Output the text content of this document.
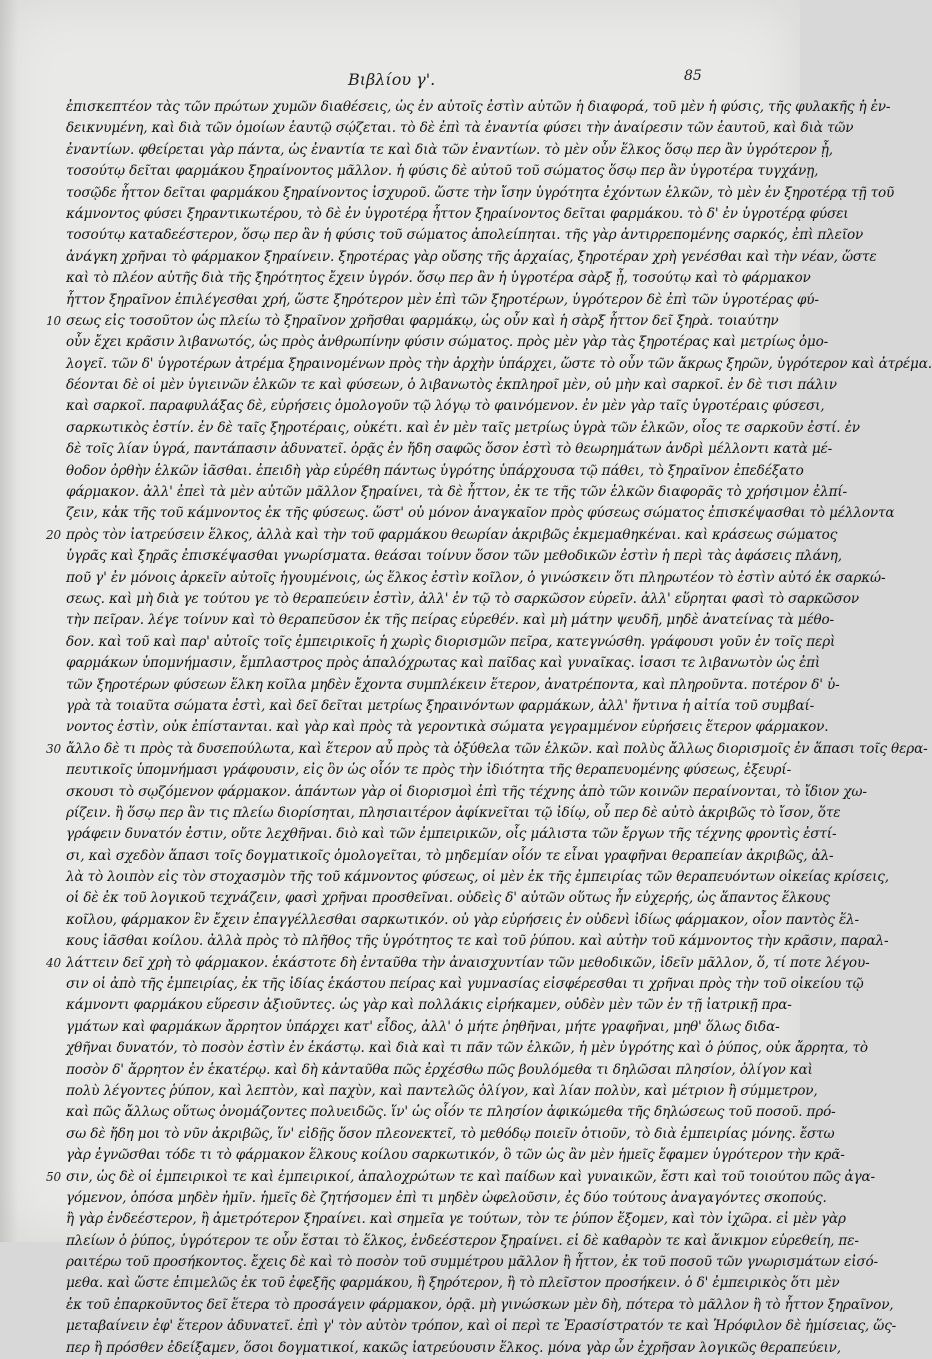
Βιβλίου γ'.	85
ἐπισκεπτέον τὰς τῶν πρώτων χυμῶν διαθέσεις, ὡς ἐν αὐτοῖς ἐστὶν αὐτῶν ἡ διαφορά, τοῦ μὲν ἡ φύσις, τῆς φυλακῆς ἡ ἐν-
δεικνυμένη, καὶ διὰ τῶν ὁμοίων ἑαυτῷ σῴζεται. τὸ δὲ ἐπὶ τὰ ἐναντία φύσει τὴν ἀναίρεσιν τῶν ἑαυτοῦ, καὶ διὰ τῶν
ἐναντίων. φθείρεται γὰρ πάντα, ὡς ἐναντία τε καὶ διὰ τῶν ἐναντίων. τὸ μὲν οὖν ἕλκος ὅσῳ περ ἂν ὑγρότερον ᾖ,
τοσούτῳ δεῖται φαρμάκου ξηραίνοντος μᾶλλον. ἡ φύσις δὲ αὐτοῦ τοῦ σώματος ὅσῳ περ ἂν ὑγροτέρα τυγχάνῃ,
τοσῷδε ἧττον δεῖται φαρμάκου ξηραίνοντος ἰσχυροῦ. ὥστε τὴν ἴσην ὑγρότητα ἐχόντων ἑλκῶν, τὸ μὲν ἐν ξηροτέρᾳ τῇ τοῦ
κάμνοντος φύσει ξηραντικωτέρου, τὸ δὲ ἐν ὑγροτέρᾳ ἧττον ξηραίνοντος δεῖται φαρμάκου. τὸ δ' ἐν ὑγροτέρᾳ φύσει
τοσούτῳ καταδεέστερον, ὅσῳ περ ἂν ἡ φύσις τοῦ σώματος ἀπολείπηται. τῆς γὰρ ἀντιρρεπομένης σαρκός, ἐπὶ πλεῖον
ἀνάγκη χρῆναι τὸ φάρμακον ξηραίνειν. ξηροτέρας γὰρ οὔσης τῆς ἀρχαίας, ξηροτέραν χρὴ γενέσθαι καὶ τὴν νέαν, ὥστε
καὶ τὸ πλέον αὐτῆς διὰ τῆς ξηρότητος ἔχειν ὑγρόν. ὅσῳ περ ἂν ἡ ὑγροτέρα σὰρξ ᾖ, τοσούτῳ καὶ τὸ φάρμακον
ἧττον ξηραῖνον ἐπιλέγεσθαι χρή, ὥστε ξηρότερον μὲν ἐπὶ τῶν ξηροτέρων, ὑγρότερον δὲ ἐπὶ τῶν ὑγροτέρας φύ-
σεως εἰς τοσοῦτον ὡς πλείω τὸ ξηραῖνον χρῆσθαι φαρμάκῳ, ὡς οὖν καὶ ἡ σὰρξ ἧττον δεῖ ξηρὰ. τοιαύτην
10
οὖν ἔχει κρᾶσιν λιβανωτός, ὡς πρὸς ἀνθρωπίνην φύσιν σώματος. πρὸς μὲν γὰρ τὰς ξηροτέρας καὶ μετρίως ὁμο-
λογεῖ. τῶν δ' ὑγροτέρων ἀτρέμα ξηραινομένων πρὸς τὴν ἀρχὴν ὑπάρχει, ὥστε τὸ οὖν τῶν ἄκρως ξηρῶν, ὑγρότερον καὶ ἀτρέμα.
δέονται δὲ οἱ μὲν ὑγιεινῶν ἑλκῶν τε καὶ φύσεων, ὁ λιβανωτὸς ἐκπληροῖ μὲν, οὐ μὴν καὶ σαρκοῖ. ἐν δὲ τισι πάλιν
καὶ σαρκοῖ. παραφυλάξας δὲ, εὑρήσεις ὁμολογοῦν τῷ λόγῳ τὸ φαινόμενον. ἐν μὲν γὰρ ταῖς ὑγροτέραις φύσεσι,
σαρκωτικὸς ἐστίν. ἐν δὲ ταῖς ξηροτέραις, οὐκέτι. καὶ ἐν μὲν ταῖς μετρίως ὑγρὰ τῶν ἑλκῶν, οἷος τε σαρκοῦν ἐστί. ἐν
δὲ τοῖς λίαν ὑγρά, παντάπασιν ἀδυνατεῖ. ὁρᾷς ἐν ἤδη σαφῶς ὅσον ἐστὶ τὸ θεωρημάτων ἀνδρὶ μέλλοντι κατὰ μέ-
θοδον ὀρθὴν ἑλκῶν ἰᾶσθαι. ἐπειδὴ γὰρ εὑρέθη πάντως ὑγρότης ὑπάρχουσα τῷ πάθει, τὸ ξηραῖνον ἐπεδέξατο
φάρμακον. ἀλλ' ἐπεὶ τὰ μὲν αὐτῶν μᾶλλον ξηραίνει, τὰ δὲ ἧττον, ἐκ τε τῆς τῶν ἑλκῶν διαφορᾶς τὸ χρήσιμον ἐλπί-
ζειν, κἀκ τῆς τοῦ κάμνοντος ἐκ τῆς φύσεως. ὥστ' οὐ μόνον ἀναγκαῖον πρὸς φύσεως σώματος ἐπισκέψασθαι τὸ μέλλοντα
πρὸς τὸν ἰατρεύσειν ἕλκος, ἀλλὰ καὶ τὴν τοῦ φαρμάκου θεωρίαν ἀκριβῶς ἐκμεμαθηκέναι. καὶ κράσεως σώματος
20
ὑγρᾶς καὶ ξηρᾶς ἐπισκέψασθαι γνωρίσματα. θεάσαι τοίνυν ὅσον τῶν μεθοδικῶν ἐστὶν ἡ περὶ τὰς ἀφάσεις πλάνη,
ποῦ γ' ἐν μόνοις ἀρκεῖν αὐτοῖς ἡγουμένοις, ὡς ἕλκος ἐστὶν κοῖλον, ὁ γινώσκειν ὅτι πληρωτέον τὸ ἐστὶν αὐτό ἐκ σαρκώ-
σεως. καὶ μὴ διὰ γε τούτου γε τὸ θεραπεύειν ἐστὶν, ἀλλ' ἐν τῷ τὸ σαρκῶσον εὑρεῖν. ἀλλ' εὕρηται φασὶ τὸ σαρκῶσον
τὴν πεῖραν. λέγε τοίνυν καὶ τὸ θεραπεῦσον ἐκ τῆς πείρας εὑρεθέν. καὶ μὴ μάτην ψευδῆ, μηδὲ ἀνατείνας τὰ μέθο-
δον. καὶ τοῦ καὶ παρ' αὐτοῖς τοῖς ἐμπειρικοῖς ἡ χωρὶς διορισμῶν πεῖρα, κατεγνώσθη. γράφουσι γοῦν ἐν τοῖς περὶ
φαρμάκων ὑπομνήμασιν, ἔμπλαστρος πρὸς ἀπαλόχρωτας καὶ παῖδας καὶ γυναῖκας. ἰσασι τε λιβανωτὸν ὡς ἐπὶ
τῶν ξηροτέρων φύσεων ἕλκη κοῖλα μηδὲν ἔχοντα συμπλέκειν ἕτερον, ἀνατρέποντα, καὶ πληροῦντα. ποτέρον δ' ὑ-
γρὰ τὰ τοιαῦτα σώματα ἐστὶ, καὶ δεῖ δεῖται μετρίως ξηραινόντων φαρμάκων, ἀλλ' ἥντινα ἡ αἰτία τοῦ συμβαί-
νοντος ἐστὶν, οὐκ ἐπίστανται. καὶ γὰρ καὶ πρὸς τὰ γεροντικὰ σώματα γεγραμμένον εὑρήσεις ἕτερον φάρμακον.
ἄλλο δὲ τι πρὸς τὰ δυσεπούλωτα, καὶ ἕτερον αὖ πρὸς τὰ ὀξύθελα τῶν ἑλκῶν. καὶ πολὺς ἄλλως διορισμοῖς ἐν ἅπασι τοῖς θερα-
30
πευτικοῖς ὑπομνήμασι γράφουσιν, εἰς ὃν ὡς οἷόν τε πρὸς τὴν ἰδιότητα τῆς θεραπευομένης φύσεως, ἐξευρί-
σκουσι τὸ σῳζόμενον φάρμακον. ἁπάντων γὰρ οἱ διορισμοὶ ἐπὶ τῆς τέχνης ἀπὸ τῶν κοινῶν περαίνονται, τὸ ἴδιον χω-
ρίζειν. ἢ ὅσῳ περ ἂν τις πλείω διορίσηται, πλησιαιτέρον ἀφίκνεῖται τῷ ἰδίῳ, οὗ περ δὲ αὐτὸ ἀκριβῶς τὸ ἴσον, ὅτε
γράφειν δυνατόν ἐστιν, οὔτε λεχθῆναι. διὸ καὶ τῶν ἐμπειρικῶν, οἷς μάλιστα τῶν ἔργων τῆς τέχνης φροντὶς ἐστί-
σι, καὶ σχεδὸν ἅπασι τοῖς δογματικοῖς ὁμολογεῖται, τὸ μηδεμίαν οἷόν τε εἶναι γραφῆναι θεραπείαν ἀκριβῶς, ἀλ-
λὰ τὸ λοιπὸν εἰς τὸν στοχασμὸν τῆς τοῦ κάμνοντος φύσεως, οἱ μὲν ἐκ τῆς ἐμπειρίας τῶν θεραπευόντων οἰκείας κρίσεις,
οἱ δὲ ἐκ τοῦ λογικοῦ τεχνάζειν, φασὶ χρῆναι προσθεῖναι. οὐδεὶς δ' αὐτῶν οὕτως ἦν εὐχερής, ὡς ἅπαντος ἕλκους
κοῖλου, φάρμακον ἓν ἔχειν ἐπαγγέλλεσθαι σαρκωτικόν. οὐ γὰρ εὑρήσεις ἐν οὐδενὶ ἰδίως φάρμακον, οἷον παντὸς ἕλ-
κους ἰᾶσθαι κοίλου. ἀλλὰ πρὸς τὸ πλῆθος τῆς ὑγρότητος τε καὶ τοῦ ῥύπου. καὶ αὐτὴν τοῦ κάμνοντος τὴν κρᾶσιν, παραλ-
λάττειν δεῖ χρὴ τὸ φάρμακον. ἑκάστοτε δὴ ἐνταῦθα τὴν ἀναισχυντίαν τῶν μεθοδικῶν, ἰδεῖν μᾶλλον, ὅ, τί ποτε λέγου-
40
σιν οἱ ἀπὸ τῆς ἐμπειρίας, ἐκ τῆς ἰδίας ἑκάστου πείρας καὶ γυμνασίας εἰσφέρεσθαι τι χρῆναι πρὸς τὴν τοῦ οἰκείου τῷ
κάμνοντι φαρμάκου εὕρεσιν ἀξιοῦντες. ὡς γὰρ καὶ πολλάκις εἰρήκαμεν, οὐδὲν μὲν τῶν ἐν τῇ ἰατρικῇ πρα-
γμάτων καὶ φαρμάκων ἄρρητον ὑπάρχει κατ' εἶδος, ἀλλ' ὁ μήτε ῥηθῆναι, μήτε γραφῆναι, μηθ' ὅλως διδα-
χθῆναι δυνατόν, τὸ ποσὸν ἐστὶν ἐν ἑκάστῳ. καὶ διὰ καὶ τι πᾶν τῶν ἑλκῶν, ἡ μὲν ὑγρότης καὶ ὁ ῥύπος, οὐκ ἄρρητα, τὸ
ποσὸν δ' ἄρρητον ἐν ἑκατέρῳ. καὶ δὴ κἀνταῦθα πῶς ἐρχέσθω πῶς βουλόμεθα τι δηλῶσαι πλησίον, ὀλίγον καὶ
πολὺ λέγοντες ῥύπον, καὶ λεπτὸν, καὶ παχὺν, καὶ παντελῶς ὀλίγον, καὶ λίαν πολὺν, καὶ μέτριον ἢ σύμμετρον,
καὶ πῶς ἄλλως οὕτως ὀνομάζοντες πολυειδῶς. ἵν' ὡς οἷόν τε πλησίον ἀφικώμεθα τῆς δηλώσεως τοῦ ποσοῦ. πρό-
σω δὲ ἤδη μοι τὸ νῦν ἀκριβῶς, ἵν' εἰδῇς ὅσον πλεονεκτεῖ, τὸ μεθόδῳ ποιεῖν ὁτιοῦν, τὸ διὰ ἐμπειρίας μόνης. ἔστω
γὰρ ἐγνῶσθαι τόδε τι τὸ φάρμακον ἕλκους κοίλου σαρκωτικόν, ὃ τῶν ὡς ἂν μὲν ἡμεῖς ἔφαμεν ὑγρότερον τὴν κρᾶ-
σιν, ὡς δὲ οἱ ἐμπειρικοὶ τε καὶ ἐμπειρικοί, ἀπαλοχρώτων τε καὶ παίδων καὶ γυναικῶν, ἔστι καὶ τοῦ τοιούτου πῶς ἀγα-
50
γόμενον, ὁπόσα μηδὲν ἠμῖν. ἡμεῖς δὲ ζητήσομεν ἐπὶ τι μηδὲν ὠφελοῦσιν, ἐς δύο τούτους ἀναγαγόντες σκοπούς.
ἢ γὰρ ἐνδεέστερον, ἢ ἀμετρότερον ξηραίνει. καὶ σημεῖα γε τούτων, τὸν τε ῥύπον ἕξομεν, καὶ τὸν ἰχῶρα. εἰ μὲν γὰρ
πλείων ὁ ῥύπος, ὑγρότερον τε οὖν ἔσται τὸ ἕλκος, ἐνδεέστερον ξηραίνει. εἰ δὲ καθαρὸν τε καὶ ἄνικμον εὑρεθείη, πε-
ραιτέρω τοῦ προσήκοντος. ἔχεις δὲ καὶ τὸ ποσὸν τοῦ συμμέτρου μᾶλλον ἢ ἧττον, ἐκ τοῦ ποσοῦ τῶν γνωρισμάτων εἰσό-
μεθα. καὶ ὥστε ἐπιμελῶς ἐκ τοῦ ἐφεξῆς φαρμάκου, ἢ ξηρότερον, ἢ τὸ πλεῖστον προσήκειν. ὁ δ' ἐμπειρικὸς ὅτι μὲν
ἐκ τοῦ ἐπαρκοῦντος δεῖ ἕτερα τὸ προσάγειν φάρμακον, ὁρᾷ. μὴ γινώσκων μὲν δὴ, πότερα τὸ μᾶλλον ἢ τὸ ἧττον ξηραῖνον,
μεταβαίνειν ἐφ' ἕτερον ἀδυνατεῖ. ἐπὶ γ' τὸν αὐτὸν τρόπον, καὶ οἱ περὶ τε Ἐρασίστρατόν τε καὶ Ἡρόφιλον δὲ ἡμίσειας, ὥς-
περ ἢ πρόσθεν ἐδείξαμεν, ὅσοι δογματικοί, κακῶς ἰατρεύουσιν ἕλκος. μόνα γὰρ ὧν ἐχρῆσαν λογικῶς θεραπεύειν,
